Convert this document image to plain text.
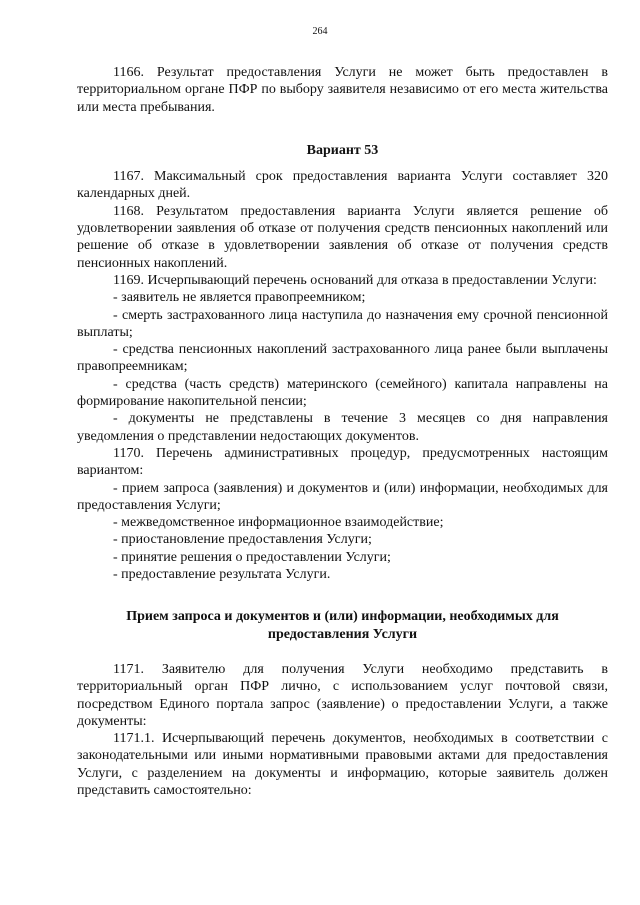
264

1166. Результат предоставления Услуги не может быть предоставлен в территориальном органе ПФР по выбору заявителя независимо от его места жительства или места пребывания.

Вариант 53

1167. Максимальный срок предоставления варианта Услуги составляет 320 календарных дней.

1168. Результатом предоставления варианта Услуги является решение об удовлетворении заявления об отказе от получения средств пенсионных накоплений или решение об отказе в удовлетворении заявления об отказе от получения средств пенсионных накоплений.

1169. Исчерпывающий перечень оснований для отказа в предоставлении Услуги:

- заявитель не является правопреемником;

- смерть застрахованного лица наступила до назначения ему срочной пенсионной выплаты;

- средства пенсионных накоплений застрахованного лица ранее были выплачены правопреемникам;

- средства (часть средств) материнского (семейного) капитала направлены на формирование накопительной пенсии;

- документы не представлены в течение 3 месяцев со дня направления уведомления о представлении недостающих документов.

1170. Перечень административных процедур, предусмотренных настоящим вариантом:

- прием запроса (заявления) и документов и (или) информации, необходимых для предоставления Услуги;

- межведомственное информационное взаимодействие;

- приостановление предоставления Услуги;

- принятие решения о предоставлении Услуги;

- предоставление результата Услуги.

Прием запроса и документов и (или) информации, необходимых для предоставления Услуги

1171. Заявителю для получения Услуги необходимо представить в территориальный орган ПФР лично, с использованием услуг почтовой связи, посредством Единого портала запрос (заявление) о предоставлении Услуги, а также документы:

1171.1. Исчерпывающий перечень документов, необходимых в соответствии с законодательными или иными нормативными правовыми актами для предоставления Услуги, с разделением на документы и информацию, которые заявитель должен представить самостоятельно:
